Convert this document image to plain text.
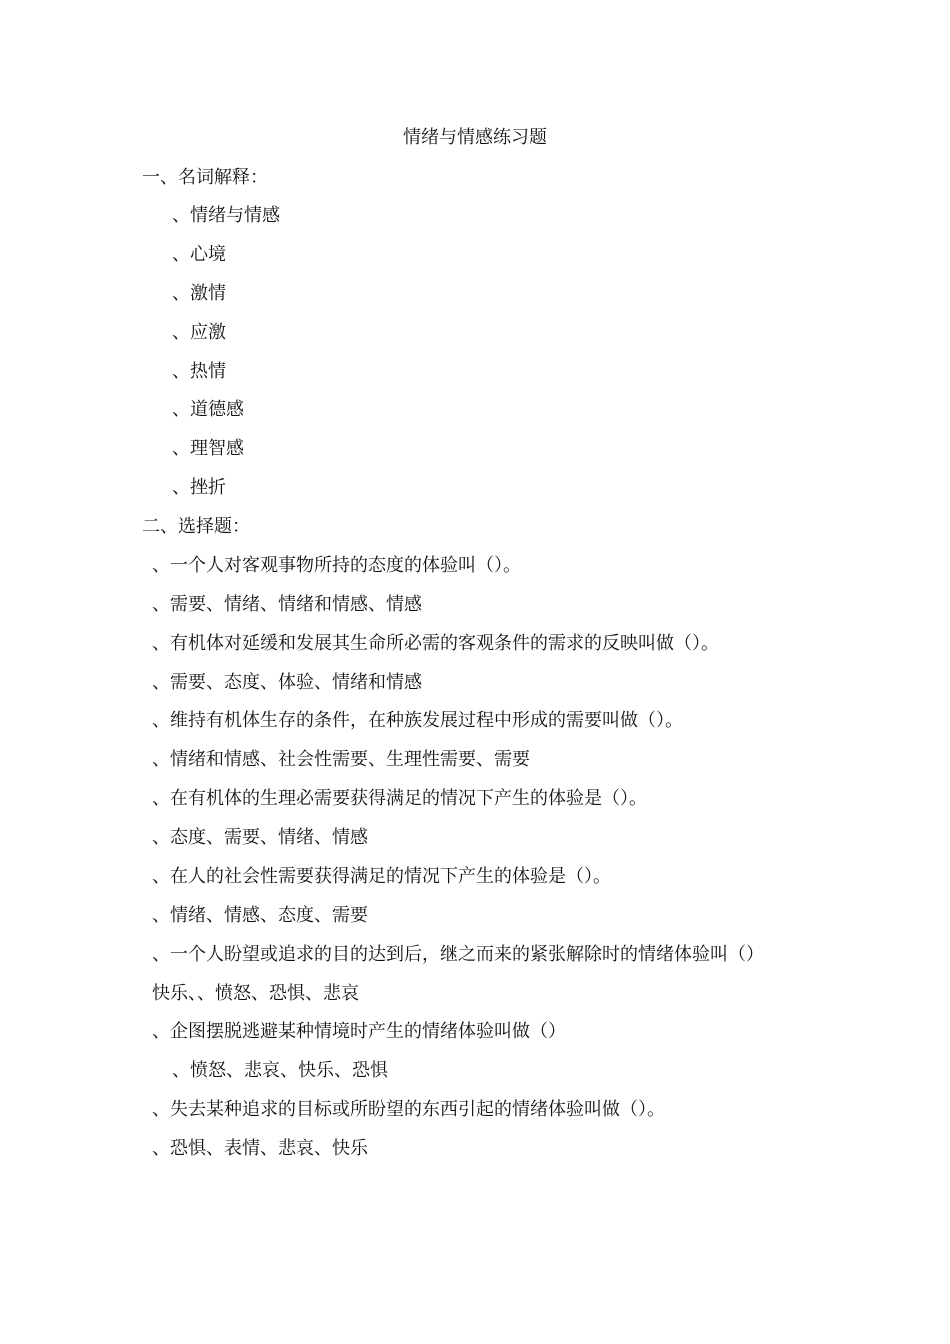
情绪与情感练习题
一、名词解释：
、情绪与情感
、心境
、激情
、应激
、热情
、道德感
、理智感
、挫折
二、选择题：
、一个人对客观事物所持的态度的体验叫（）。
、需要、情绪、情绪和情感、情感
、有机体对延缓和发展其生命所必需的客观条件的需求的反映叫做（）。
、需要、态度、体验、情绪和情感
、维持有机体生存的条件，在种族发展过程中形成的需要叫做（）。
、情绪和情感、社会性需要、生理性需要、需要
、在有机体的生理必需要获得满足的情况下产生的体验是（）。
、态度、需要、情绪、情感
、在人的社会性需要获得满足的情况下产生的体验是（）。
、情绪、情感、态度、需要
、一个人盼望或追求的目的达到后，继之而来的紧张解除时的情绪体验叫（）
快乐、、愤怒、恐惧、悲哀
、企图摆脱逃避某种情境时产生的情绪体验叫做（）
、愤怒、悲哀、快乐、恐惧
、失去某种追求的目标或所盼望的东西引起的情绪体验叫做（）。
、恐惧、表情、悲哀、快乐
